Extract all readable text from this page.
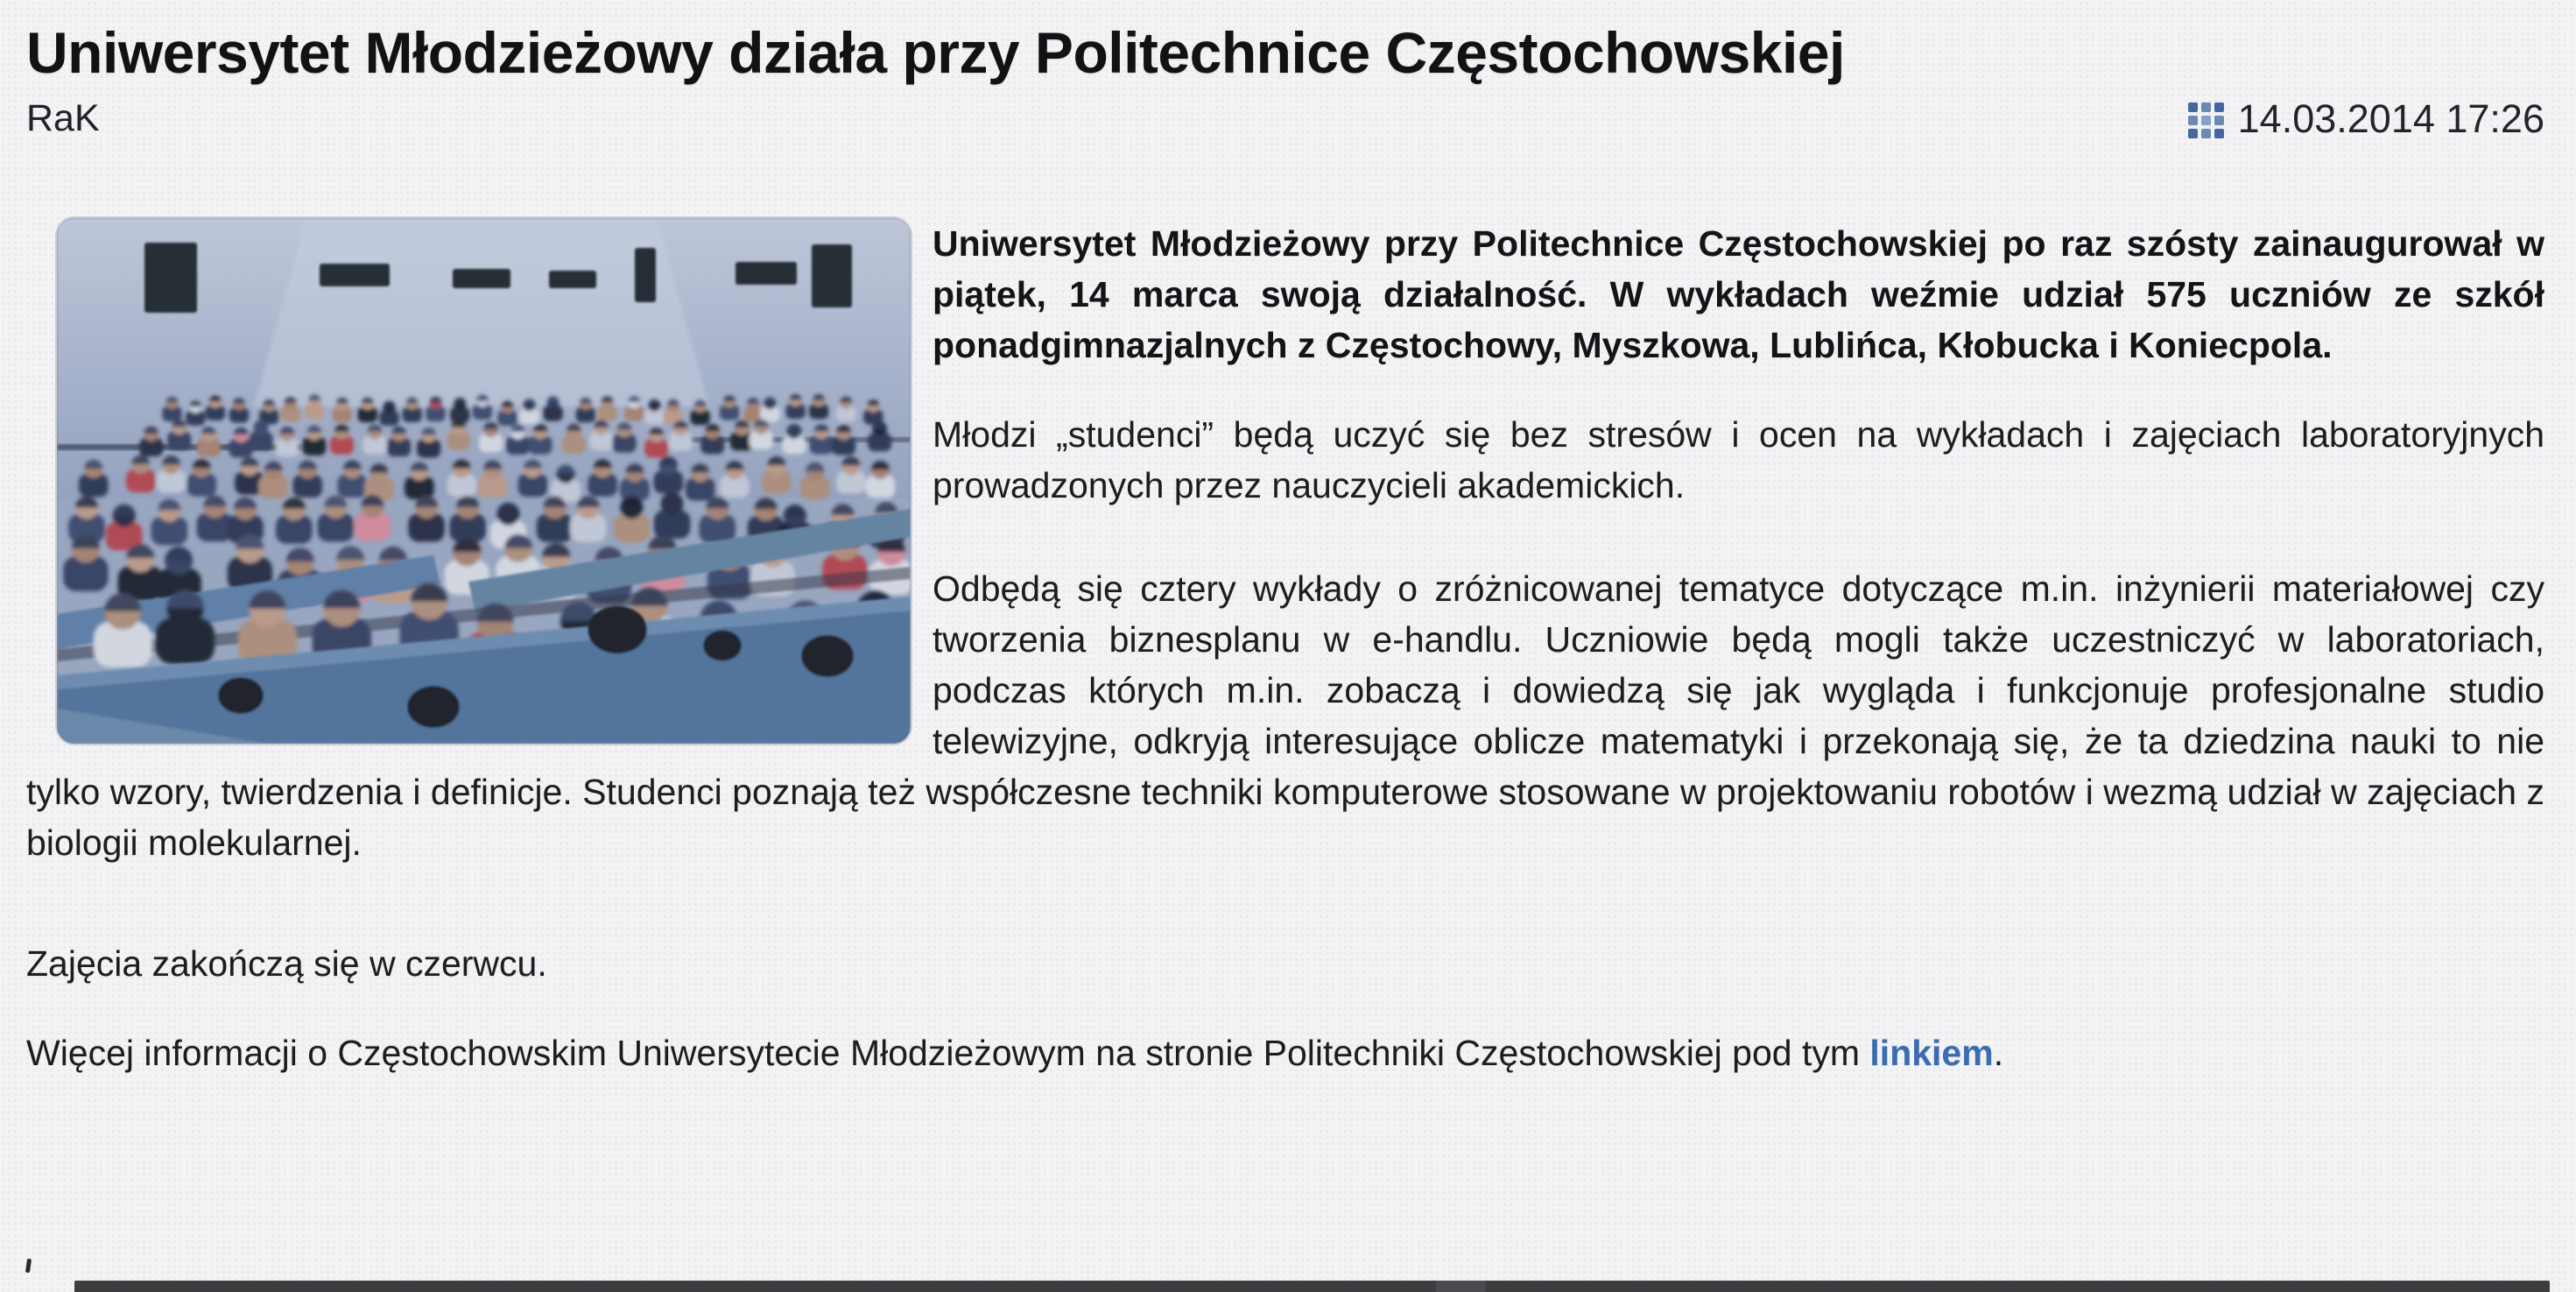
Uniwersytet Młodzieżowy działa przy Politechnice Częstochowskiej
RaK	14.03.2014 17:26

Uniwersytet Młodzieżowy przy Politechnice Częstochowskiej po raz szósty zainaugurował w piątek, 14 marca swoją działalność. W wykładach weźmie udział 575 uczniów ze szkół ponadgimnazjalnych z Częstochowy, Myszkowa, Lublińca, Kłobucka i Koniecpola.

Młodzi „studenci” będą uczyć się bez stresów i ocen na wykładach i zajęciach laboratoryjnych prowadzonych przez nauczycieli akademickich.

Odbędą się cztery wykłady o zróżnicowanej tematyce dotyczące m.in. inżynierii materiałowej czy tworzenia biznesplanu w e-handlu. Uczniowie będą mogli także uczestniczyć w laboratoriach, podczas których m.in. zobaczą i dowiedzą się jak wygląda i funkcjonuje profesjonalne studio telewizyjne, odkryją interesujące oblicze matematyki i przekonają się, że ta dziedzina nauki to nie tylko wzory, twierdzenia i definicje. Studenci poznają też współczesne techniki komputerowe stosowane w projektowaniu robotów i wezmą udział w zajęciach z biologii molekularnej.

Zajęcia zakończą się w czerwcu.

Więcej informacji o Częstochowskim Uniwersytecie Młodzieżowym na stronie Politechniki Częstochowskiej pod tym linkiem.
